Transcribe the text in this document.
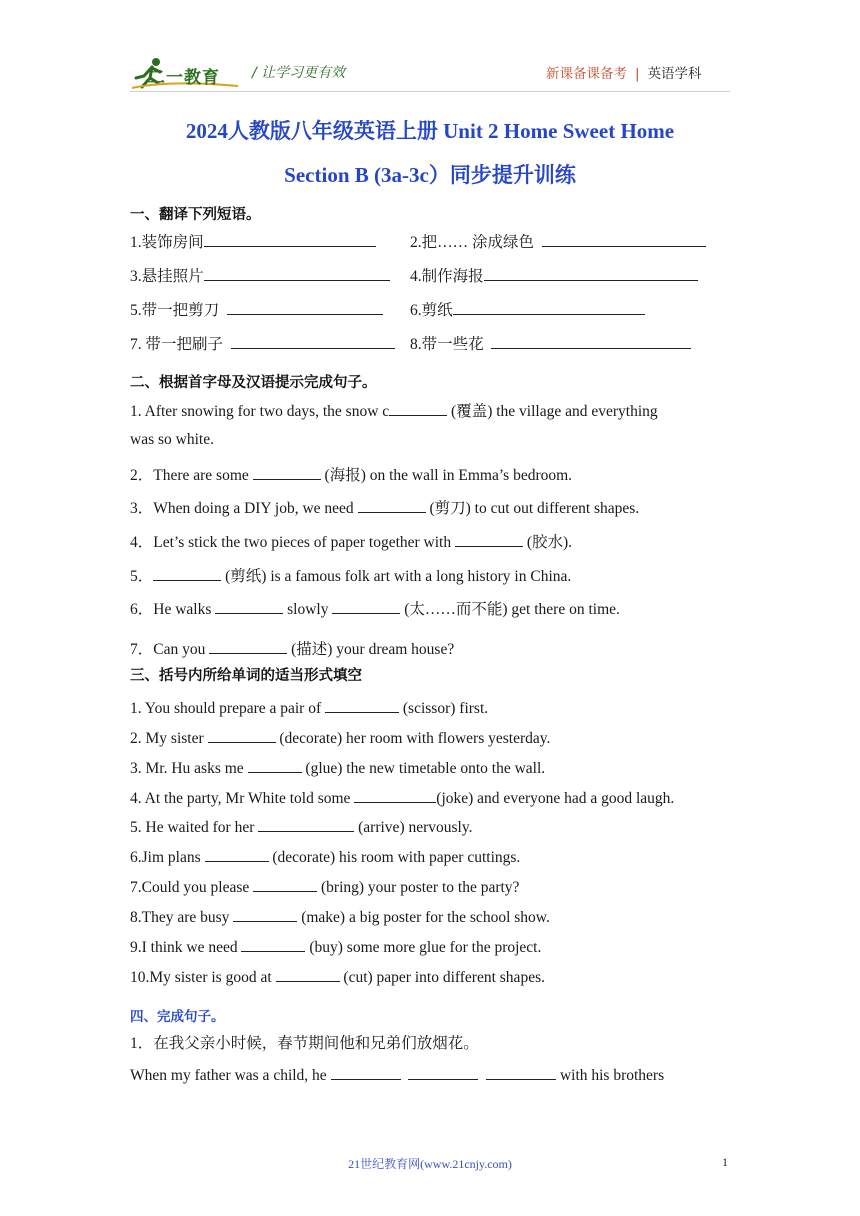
二一教育 / 让学习更有效	新课备课备考 | 英语学科
2024人教版八年级英语上册 Unit 2 Home Sweet Home
Section B (3a-3c）同步提升训练
一、翻译下列短语。
1.装饰房间	2.把…… 涂成绿色
3.悬挂照片	4.制作海报
5.带一把剪刀	6.剪纸
7. 带一把刷子	8.带一些花
二、根据首字母及汉语提示完成句子。
1. After snowing for two days, the snow c	(覆盖) the village and everything
was so white.
2．There are some	(海报) on the wall in Emma’s bedroom.
3．When doing a DIY job, we need	(剪刀) to cut out different shapes.
4．Let’s stick the two pieces of paper together with	(胶水).
5．	(剪纸) is a famous folk art with a long history in China.
6．He walks	slowly	(太……而不能) get there on time.
7．Can you	(描述) your dream house?
三、括号内所给单词的适当形式填空
1. You should prepare a pair of	(scissor) first.
2. My sister	(decorate) her room with flowers yesterday.
3. Mr. Hu asks me	(glue) the new timetable onto the wall.
4. At the party, Mr White told some	(joke) and everyone had a good laugh.
5. He waited for her	(arrive) nervously.
6.Jim plans	(decorate) his room with paper cuttings.
7.Could you please	(bring) your poster to the party?
8.They are busy	(make) a big poster for the school show.
9.I think we need	(buy) some more glue for the project.
10.My sister is good at	(cut) paper into different shapes.
四、完成句子。
1．在我父亲小时候，春节期间他和兄弟们放烟花。
When my father was a child, he	with his brothers
21世纪教育网(www.21cnjy.com)	1
